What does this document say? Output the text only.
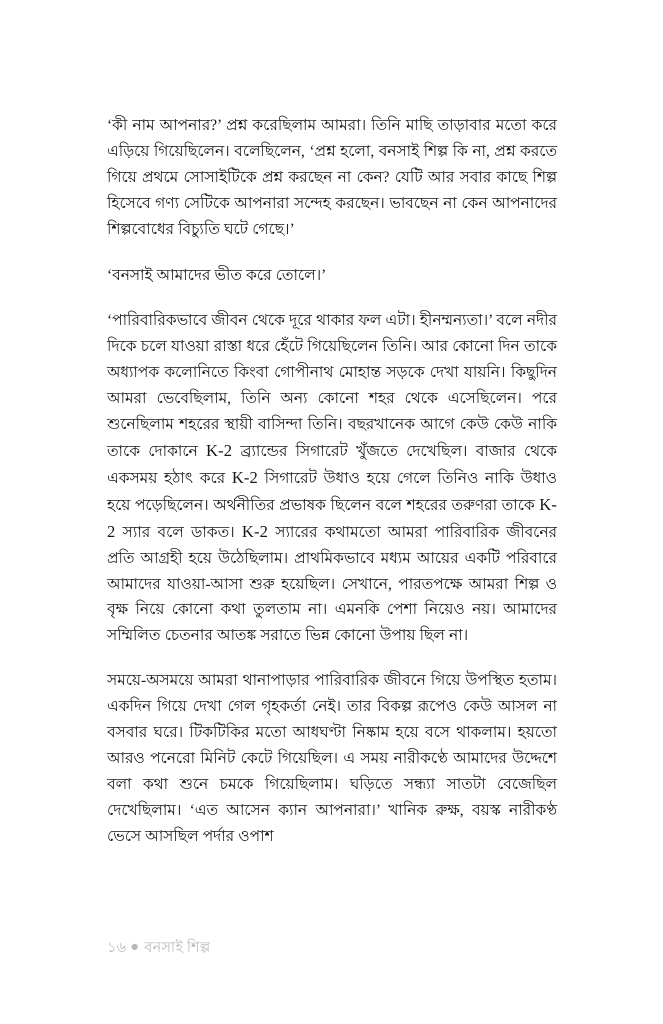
‘কী নাম আপনার?’ প্রশ্ন করেছিলাম আমরা। তিনি মাছি তাড়াবার মতো করে এড়িয়ে গিয়েছিলেন। বলেছিলেন, ‘প্রশ্ন হলো, বনসাই শিল্প কি না, প্রশ্ন করতে গিয়ে প্রথমে সোসাইটিকে প্রশ্ন করছেন না কেন? যেটি আর সবার কাছে শিল্প হিসেবে গণ্য সেটিকে আপনারা সন্দেহ করছেন। ভাবছেন না কেন আপনাদের শিল্পবোধের বিচ্যুতি ঘটে গেছে।’

‘বনসাই আমাদের ভীত করে তোলে।’

‘পারিবারিকভাবে জীবন থেকে দূরে থাকার ফল এটা। হীনম্মন্যতা।’ বলে নদীর দিকে চলে যাওয়া রাস্তা ধরে হেঁটে গিয়েছিলেন তিনি। আর কোনো দিন তাকে অধ্যাপক কলোনিতে কিংবা গোপীনাথ মোহান্ত সড়কে দেখা যায়নি। কিছুদিন আমরা ভেবেছিলাম, তিনি অন্য কোনো শহর থেকে এসেছিলেন। পরে শুনেছিলাম শহরের স্থায়ী বাসিন্দা তিনি। বছরখানেক আগে কেউ কেউ নাকি তাকে দোকানে K-2 ব্র্যান্ডের সিগারেট খুঁজতে দেখেছিল। বাজার থেকে একসময় হঠাৎ করে K-2 সিগারেট উধাও হয়ে গেলে তিনিও নাকি উধাও হয়ে পড়েছিলেন। অর্থনীতির প্রভাষক ছিলেন বলে শহরের তরুণরা তাকে K-2 স্যার বলে ডাকত। K-2 স্যারের কথামতো আমরা পারিবারিক জীবনের প্রতি আগ্রহী হয়ে উঠেছিলাম। প্রাথমিকভাবে মধ্যম আয়ের একটি পরিবারে আমাদের যাওয়া-আসা শুরু হয়েছিল। সেখানে, পারতপক্ষে আমরা শিল্প ও বৃক্ষ নিয়ে কোনো কথা তুলতাম না। এমনকি পেশা নিয়েও নয়। আমাদের সম্মিলিত চেতনার আতঙ্ক সরাতে ভিন্ন কোনো উপায় ছিল না।

সময়ে-অসময়ে আমরা থানাপাড়ার পারিবারিক জীবনে গিয়ে উপস্থিত হতাম। একদিন গিয়ে দেখা গেল গৃহকর্তা নেই। তার বিকল্প রূপেও কেউ আসল না বসবার ঘরে। টিকটিকির মতো আধঘণ্টা নিষ্কাম হয়ে বসে থাকলাম। হয়তো আরও পনেরো মিনিট কেটে গিয়েছিল। এ সময় নারীকণ্ঠে আমাদের উদ্দেশে বলা কথা শুনে চমকে গিয়েছিলাম। ঘড়িতে সন্ধ্যা সাতটা বেজেছিল দেখেছিলাম। ‘এত আসেন ক্যান আপনারা।’ খানিক রুক্ষ, বয়স্ক নারীকণ্ঠ ভেসে আসছিল পর্দার ওপাশ

১৬ ● বনসাই শিল্প
